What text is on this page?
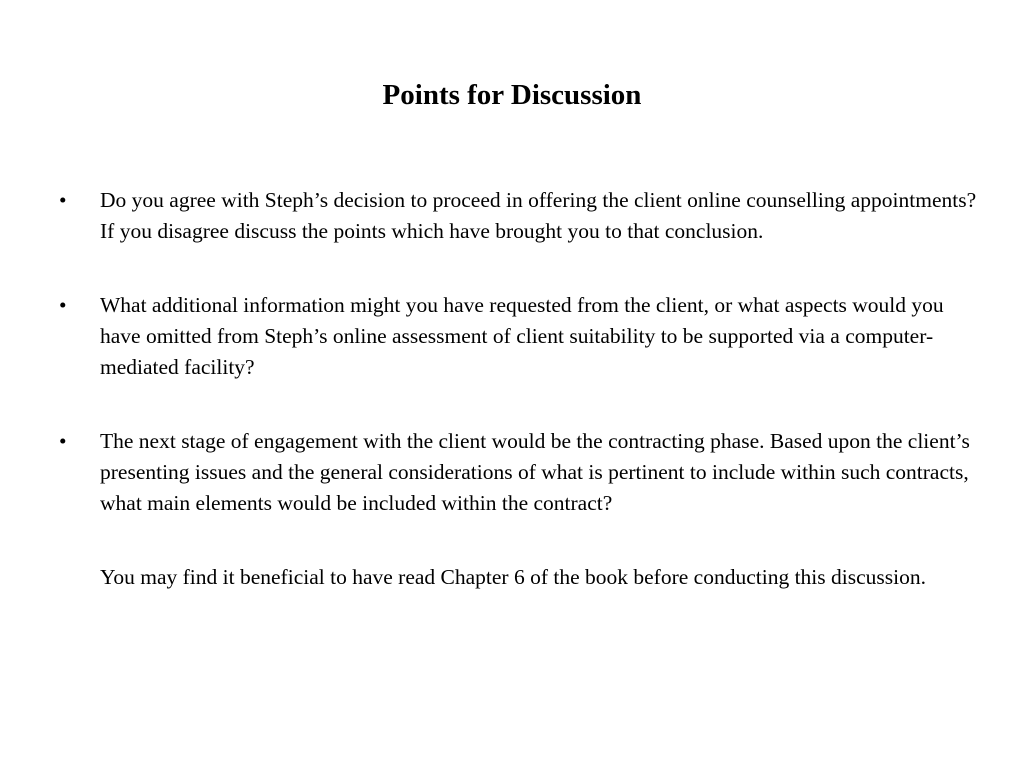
Points for Discussion
•	Do you agree with Steph’s decision to proceed in offering the client online counselling appointments? If you disagree discuss the points which have brought you to that conclusion.
•	What additional information might you have requested from the client, or what aspects would you have omitted from Steph’s online assessment of client suitability to be supported via a computer-mediated facility?
•	The next stage of engagement with the client would be the contracting phase. Based upon the client’s presenting issues and the general considerations of what is pertinent to include within such contracts, what main elements would be included within the contract?

You may find it beneficial to have read Chapter 6 of the book before conducting this discussion.
